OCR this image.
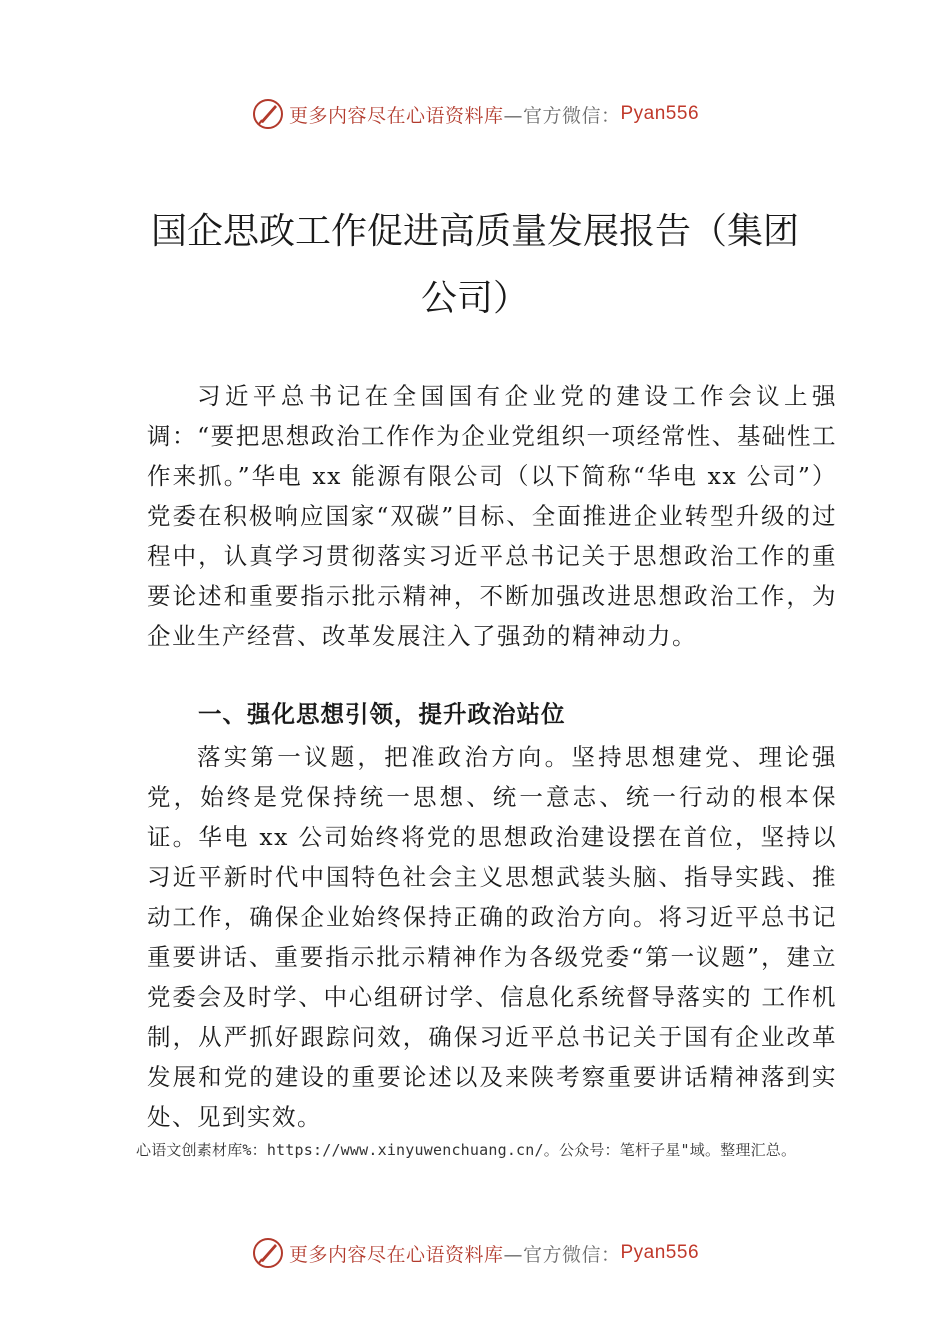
更多内容尽在心语资料库 —官方微信： Pyan556
国企思政工作促进高质量发展报告（集团
公司）

习近平总书记在全国国有企业党的建设工作会议上强调：“要把思想政治工作作为企业党组织一项经常性、基础性工作来抓。”华电 xx 能源有限公司（以下简称“华电 xx 公司”）党委在积极响应国家“双碳”目标、全面推进企业转型升级的过程中，认真学习贯彻落实习近平总书记关于思想政治工作的重要论述和重要指示批示精神，不断加强改进思想政治工作，为企业生产经营、改革发展注入了强劲的精神动力。

一、强化思想引领，提升政治站位

落实第一议题，把准政治方向。坚持思想建党、理论强党，始终是党保持统一思想、统一意志、统一行动的根本保 证。华电 xx 公司始终将党的思想政治建设摆在首位，坚持以习近平新时代中国特色社会主义思想武装头脑、指导实践、推动工作，确保企业始终保持正确的政治方向。将习近平总书记重要讲话、重要指示批示精神作为各级党委“第一议题”，建立党委会及时学、中心组研讨学、信息化系统督导落实的 工作机制，从严抓好跟踪问效，确保习近平总书记关于国有企业改革发展和党的建设的重要论述以及来陕考察重要讲话精神落到实处、见到实效。

心语文创素材库%：https://www.xinyuwenchuang.cn/。公众号：笔杆子星"域。整理汇总。
更多内容尽在心语资料库 —官方微信： Pyan556
